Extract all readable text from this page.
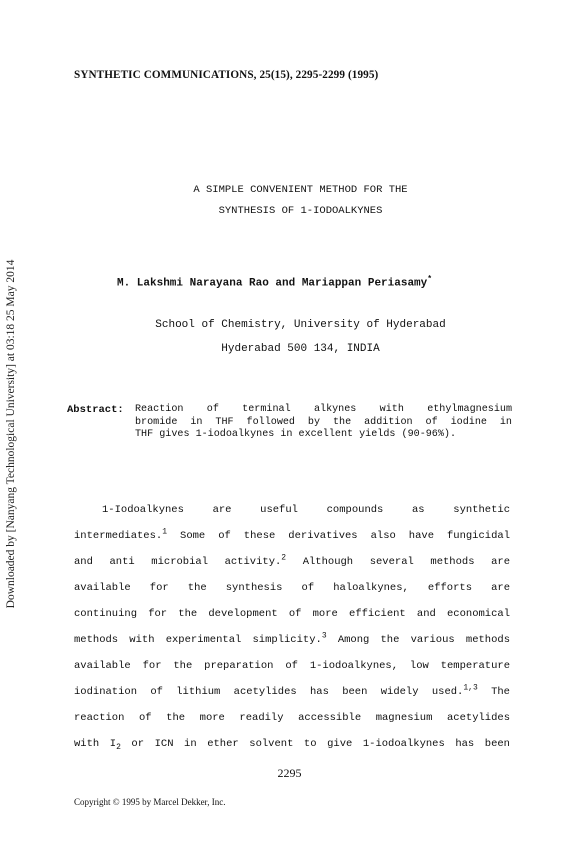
Downloaded by [Nanyang Technological University] at 03:18 25 May 2014
SYNTHETIC COMMUNICATIONS, 25(15), 2295-2299 (1995)
A SIMPLE CONVENIENT METHOD FOR THE
SYNTHESIS OF 1-IODOALKYNES
M. Lakshmi Narayana Rao and Mariappan Periasamy*
School of Chemistry, University of Hyderabad
Hyderabad 500 134, INDIA
Abstract: Reaction of terminal alkynes with ethylmagnesium
bromide in THF followed by the addition of iodine in
THF gives 1-iodoalkynes in excellent yields (90-96%).
1-Iodoalkynes are useful compounds as synthetic
intermediates.$^1$ Some of these derivatives also have fungicidal
and anti microbial activity.$^2$ Although several methods are
available for the synthesis of haloalkynes, efforts are
continuing for the development of more efficient and economical
methods with experimental simplicity.$^3$ Among the various methods
available for the preparation of 1-iodoalkynes, low temperature
iodination of lithium acetylides has been widely used.$^{1,3}$ The
reaction of the more readily accessible magnesium acetylides
with $I_2$ or ICN in ether solvent to give 1-iodoalkynes has been
2295
Copyright © 1995 by Marcel Dekker, Inc.
